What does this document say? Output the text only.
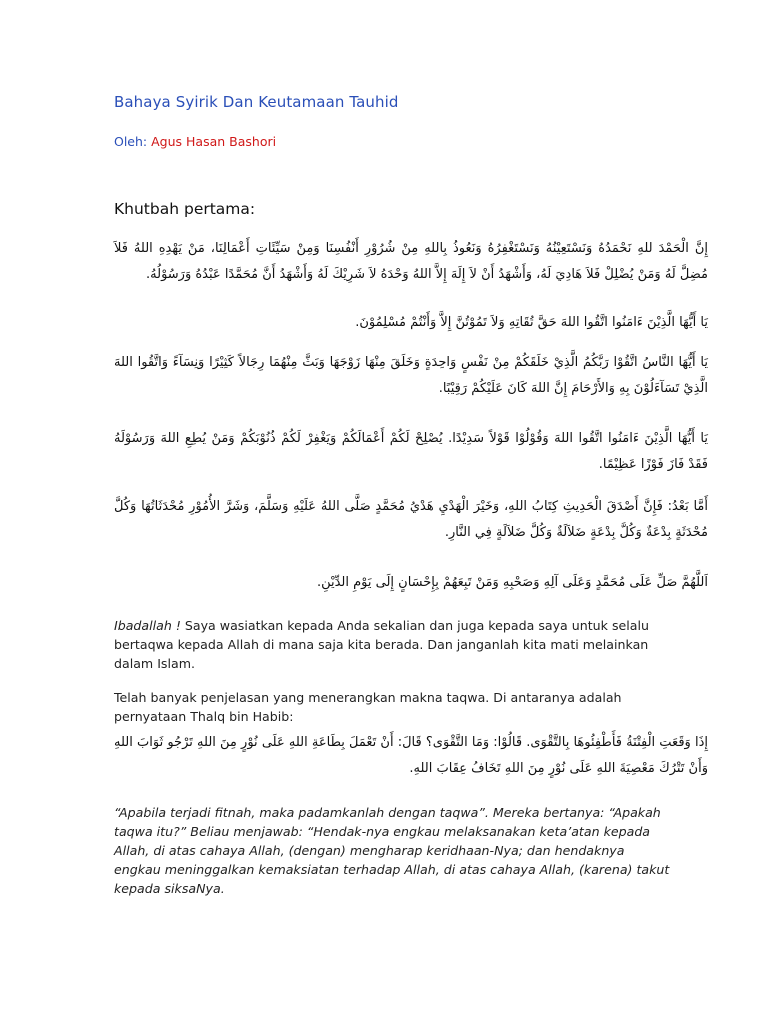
Bahaya Syirik Dan Keutamaan Tauhid
Oleh: Agus Hasan Bashori
Khutbah pertama:
إِنَّ الْحَمْدَ للهِ نَحْمَدُهُ وَنَسْتَعِيْنُهُ وَنَسْتَغْفِرُهُ وَنَعُوذُ بِاللهِ مِنْ شُرُوْرِ أَنْفُسِنَا وَمِنْ سَيِّئَاتِ أَعْمَالِنَا، مَنْ يَهْدِهِ اللهُ فَلاَ مُضِلَّ لَهُ وَمَنْ يُضْلِلْ فَلاَ هَادِيَ لَهُ، وَأَشْهَدُ أَنْ لاَ إِلَهَ إِلاَّ اللهُ وَحْدَهُ لاَ شَرِيْكَ لَهُ وَأَشْهَدُ أَنَّ مُحَمَّدًا عَبْدُهُ وَرَسُوْلُهُ.
يَا أَيُّهَا الَّذِيْنَ ءَامَنُوا اتَّقُوا اللهَ حَقَّ تُقَاتِهِ وَلاَ تَمُوْتُنَّ إِلاَّ وَأَنْتُمْ مُسْلِمُوْنَ.
يَا أَيُّهَا النَّاسُ اتَّقُوْا رَبَّكُمُ الَّذِيْ خَلَقَكُمْ مِنْ نَفْسٍ وَاحِدَةٍ وَخَلَقَ مِنْهَا زَوْجَهَا وَبَثَّ مِنْهُمَا رِجَالاً كَثِيْرًا وَنِسَآءً وَاتَّقُوا اللهَ الَّذِيْ تَسَآءَلُوْنَ بِهِ وَالأَرْحَامَ إِنَّ اللهَ كَانَ عَلَيْكُمْ رَقِيْبًا.
يَا أَيُّهَا الَّذِيْنَ ءَامَنُوا اتَّقُوا اللهَ وَقُوْلُوْا قَوْلاً سَدِيْدًا. يُصْلِحْ لَكُمْ أَعْمَالَكُمْ وَيَغْفِرْ لَكُمْ ذُنُوْبَكُمْ وَمَنْ يُطِعِ اللهَ وَرَسُوْلَهُ فَقَدْ فَازَ فَوْزًا عَظِيْمًا.
أَمَّا بَعْدُ: فَإِنَّ أَصْدَقَ الْحَدِيثِ كِتَابُ اللهِ، وَخَيْرَ الْهَدْيِ هَدْيُ مُحَمَّدٍ صَلَّى اللهُ عَلَيْهِ وَسَلَّمَ، وَشَرَّ الأُمُوْرِ مُحْدَثَاتُهَا وَكُلَّ مُحْدَثَةٍ بِدْعَةٌ وَكُلَّ بِدْعَةٍ ضَلاَلَةٌ وَكُلَّ ضَلاَلَةٍ فِي النَّارِ.
اَللَّهُمَّ صَلِّ عَلَى مُحَمَّدٍ وَعَلَى آلِهِ وَصَحْبِهِ وَمَنْ تَبِعَهُمْ بِإِحْسَانٍ إِلَى يَوْمِ الدِّيْنِ.

Ibadallah ! Saya wasiatkan kepada Anda sekalian dan juga kepada saya untuk selalu bertaqwa kepada Allah di mana saja kita berada. Dan janganlah kita mati melainkan dalam Islam.

Telah banyak penjelasan yang menerangkan makna taqwa. Di antaranya adalah pernyataan Thalq bin Habib:

إِذَا وَقَعَتِ الْفِتْنَةُ فَأَطْفِئُوهَا بِالتَّقْوَى. قَالُوْا: وَمَا التَّقْوَى؟ قَالَ: أَنْ تَعْمَلَ بِطَاعَةِ اللهِ عَلَى نُوْرٍ مِنَ اللهِ تَرْجُو ثَوَابَ اللهِ وَأَنْ تَتْرُكَ مَعْصِيَةَ اللهِ عَلَى نُوْرٍ مِنَ اللهِ تَخَافُ عِقَابَ اللهِ.

“Apabila terjadi fitnah, maka padamkanlah dengan taqwa”. Mereka bertanya: “Apakah taqwa itu?” Beliau menjawab: “Hendak-nya engkau melaksanakan keta’atan kepada Allah, di atas cahaya Allah, (dengan) mengharap keridhaan-Nya; dan hendaknya engkau meninggalkan kemaksiatan terhadap Allah, di atas cahaya Allah, (karena) takut kepada siksaNya.
